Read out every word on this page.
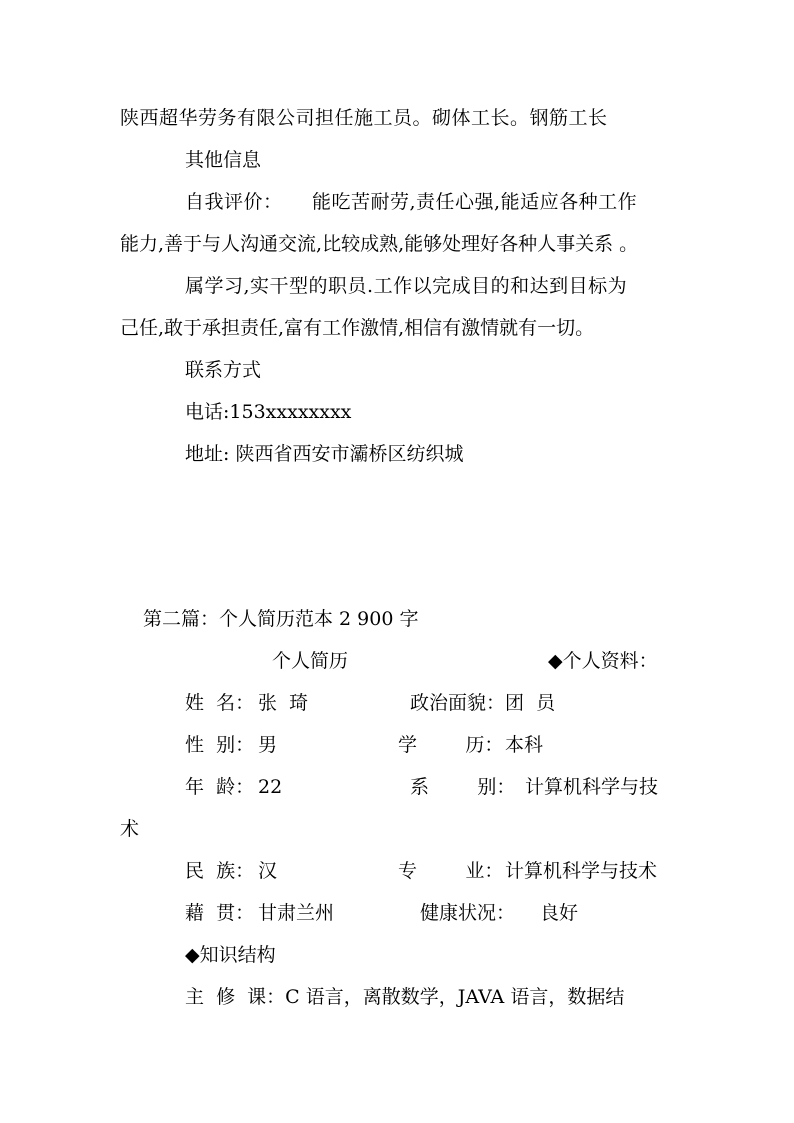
陕西超华劳务有限公司担任施工员。砌体工长。钢筋工长
其他信息
自我评价：　　能吃苦耐劳,责任心强,能适应各种工作
能力,善于与人沟通交流,比较成熟,能够处理好各种人事关系 。
属学习,实干型的职员.工作以完成目的和达到目标为
己任,敢于承担责任,富有工作激情,相信有激情就有一切。
联系方式
电话:153xxxxxxxx
地址: 陕西省西安市灞桥区纺织城
第二篇：个人简历范本 2 900 字
个人简历	◆个人资料：
姓  名： 张  琦	政治面貌： 团  员
性  别： 男	学        历： 本科
年  龄： 22	系        别： 计算机科学与技
术
民  族： 汉	专        业： 计算机科学与技术
藉  贯： 甘肃兰州	健康状况： 良好
◆知识结构
主  修  课：C 语言，离散数学，JAVA 语言，数据结
